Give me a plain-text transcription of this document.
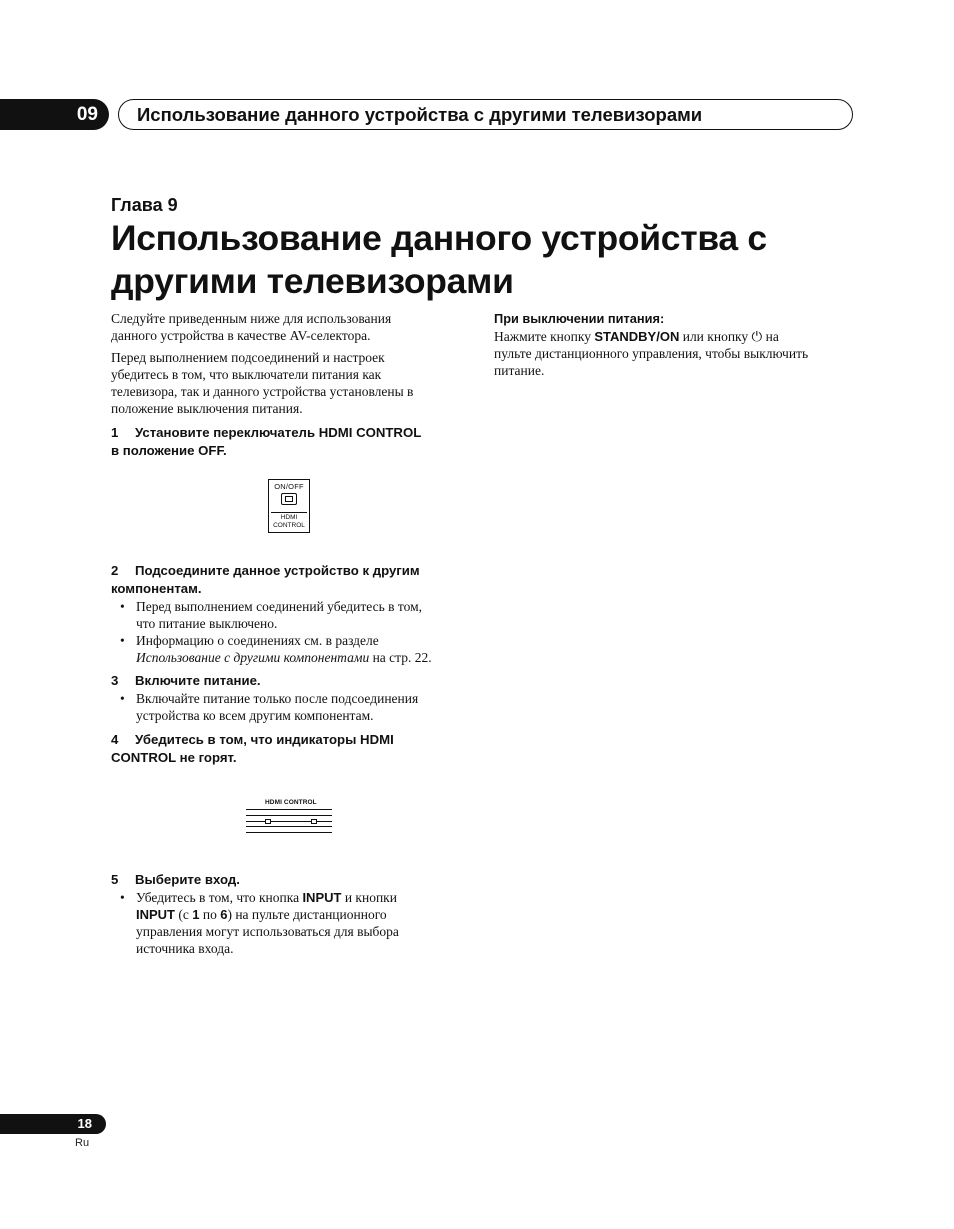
09	Использование данного устройства с другими телевизорами
Глава 9
Использование данного устройства с
другими телевизорами

Следуйте приведенным ниже для использования

данного устройства в качестве AV-селектора.

Перед выполнением подсоединений и настроек

убедитесь в том, что выключатели питания как

телевизора, так и данного устройства установлены в

положение выключения питания.

1 Установите переключатель HDMI CONTROL
в положение OFF.
ON/OFF
HDMI
CONTROL
2 Подсоедините данное устройство к другим
компонентам.
• Перед выполнением соединений убедитесь в том,
что питание выключено.
• Информацию о соединениях см. в разделе
Использование с другими компонентами на стр. 22.
3 Включите питание.
• Включайте питание только после подсоединения
устройства ко всем другим компонентам.
4 Убедитесь в том, что индикаторы HDMI
CONTROL не горят.
HDMI CONTROL
5 Выберите вход.
• Убедитесь в том, что кнопка INPUT и кнопки
INPUT (с 1 по 6) на пульте дистанционного
управления могут использоваться для выбора
источника входа.
При выключении питания:

Нажмите кнопку STANDBY/ON или кнопку ⏻ на

пульте дистанционного управления, чтобы выключить

питание.

18
Ru
